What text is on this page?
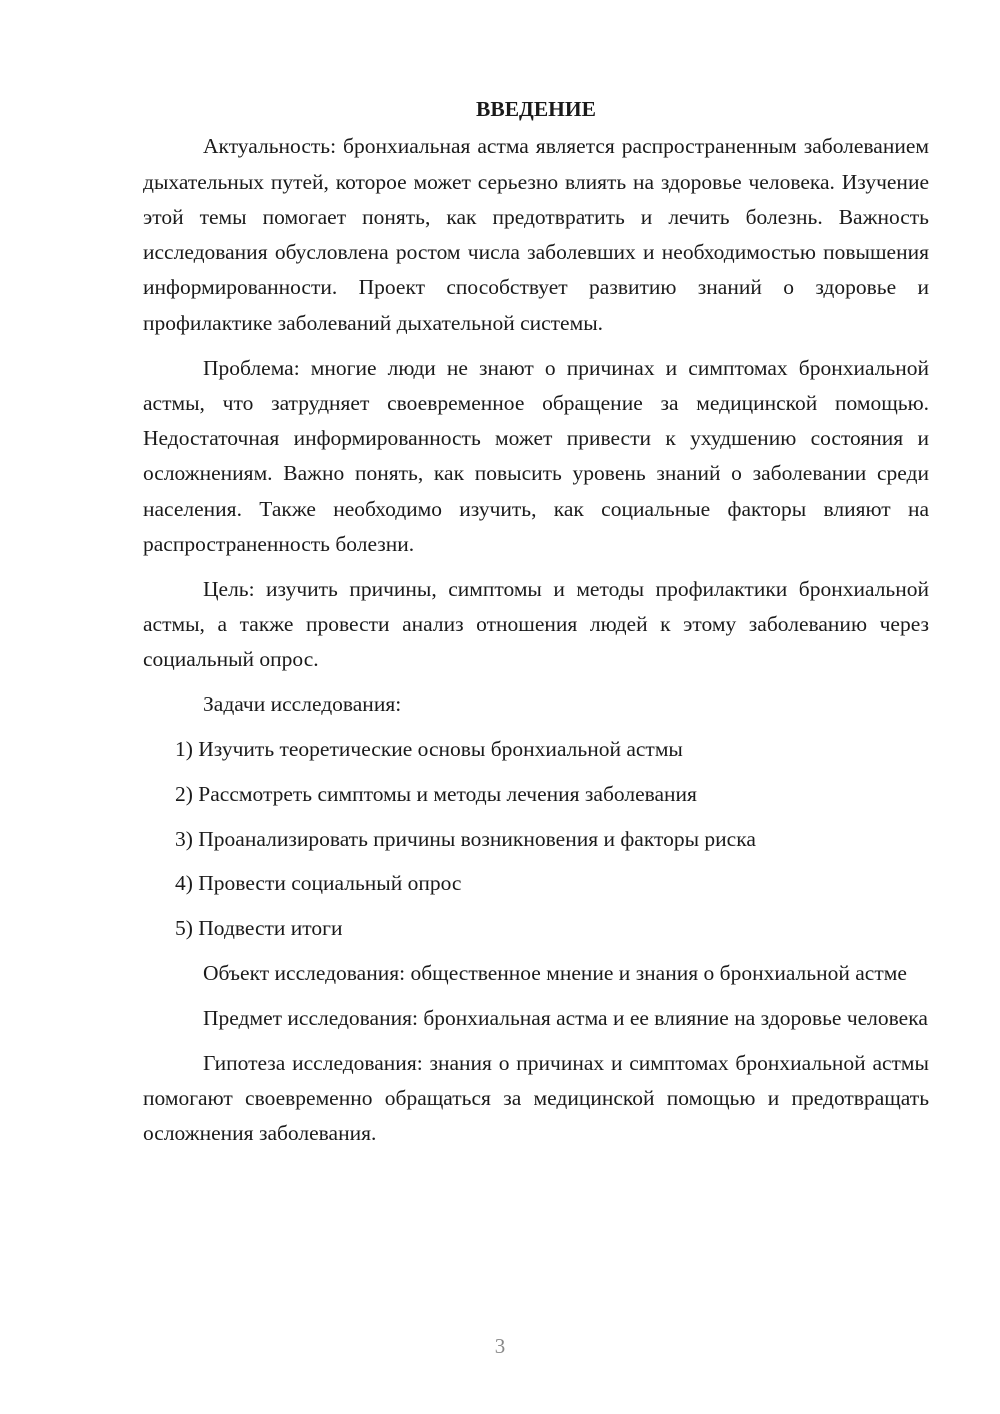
ВВЕДЕНИЕ
Актуальность: бронхиальная астма является распространенным заболеванием дыхательных путей, которое может серьезно влиять на здоровье человека. Изучение этой темы помогает понять, как предотвратить и лечить болезнь. Важность исследования обусловлена ростом числа заболевших и необходимостью повышения информированности. Проект способствует развитию знаний о здоровье и профилактике заболеваний дыхательной системы.
Проблема: многие люди не знают о причинах и симптомах бронхиальной астмы, что затрудняет своевременное обращение за медицинской помощью. Недостаточная информированность может привести к ухудшению состояния и осложнениям. Важно понять, как повысить уровень знаний о заболевании среди населения. Также необходимо изучить, как социальные факторы влияют на распространенность болезни.
Цель: изучить причины, симптомы и методы профилактики бронхиальной астмы, а также провести анализ отношения людей к этому заболеванию через социальный опрос.
Задачи исследования:
1) Изучить теоретические основы бронхиальной астмы
2) Рассмотреть симптомы и методы лечения заболевания
3) Проанализировать причины возникновения и факторы риска
4) Провести социальный опрос
5) Подвести итоги
Объект исследования: общественное мнение и знания о бронхиальной астме
Предмет исследования: бронхиальная астма и ее влияние на здоровье человека
Гипотеза исследования: знания о причинах и симптомах бронхиальной астмы помогают своевременно обращаться за медицинской помощью и предотвращать осложнения заболевания.
3
